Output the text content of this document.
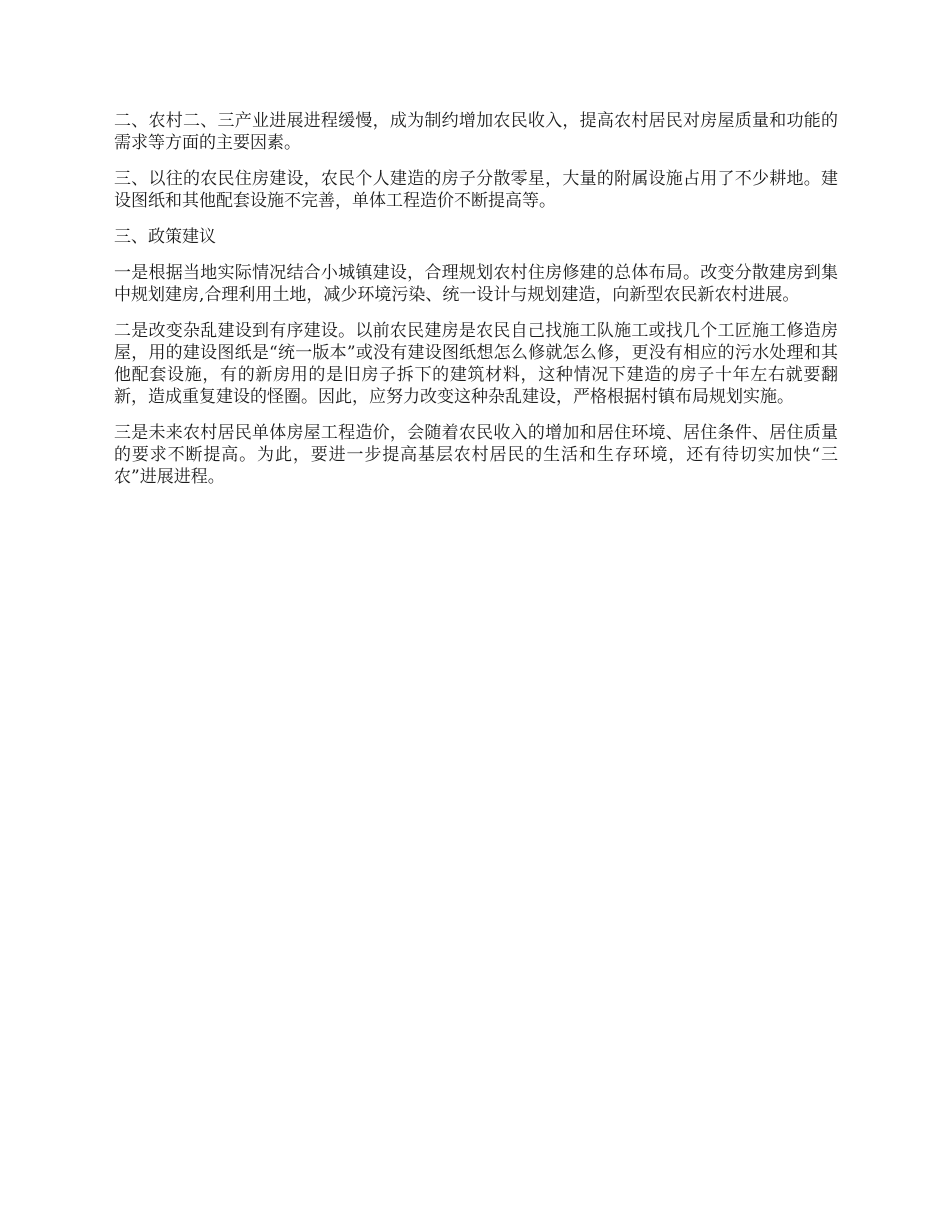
二、农村二、三产业进展进程缓慢，成为制约增加农民收入，提高农村居民对房屋质量和功能的需求等方面的主要因素。

三、以往的农民住房建设，农民个人建造的房子分散零星，大量的附属设施占用了不少耕地。建设图纸和其他配套设施不完善，单体工程造价不断提高等。

三、政策建议

一是根据当地实际情况结合小城镇建设，合理规划农村住房修建的总体布局。改变分散建房到集中规划建房,合理利用土地，减少环境污染、统一设计与规划建造，向新型农民新农村进展。

二是改变杂乱建设到有序建设。以前农民建房是农民自己找施工队施工或找几个工匠施工修造房屋，用的建设图纸是“统一版本”或没有建设图纸想怎么修就怎么修，更没有相应的污水处理和其他配套设施，有的新房用的是旧房子拆下的建筑材料，这种情况下建造的房子十年左右就要翻新，造成重复建设的怪圈。因此，应努力改变这种杂乱建设，严格根据村镇布局规划实施。

三是未来农村居民单体房屋工程造价，会随着农民收入的增加和居住环境、居住条件、居住质量的要求不断提高。为此，要进一步提高基层农村居民的生活和生存环境，还有待切实加快“三农”进展进程。
